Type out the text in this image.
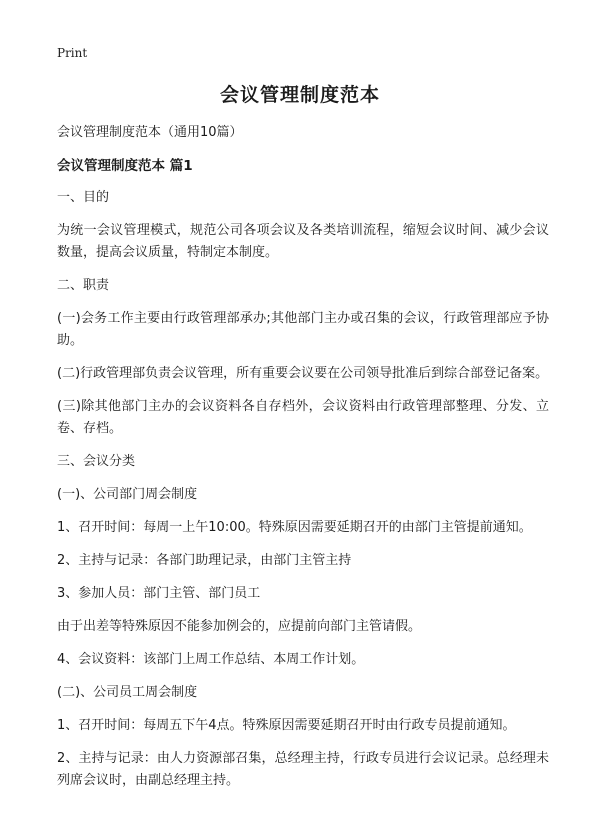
Print
会议管理制度范本

会议管理制度范本（通用10篇）

会议管理制度范本 篇1

一、目的

为统一会议管理模式，规范公司各项会议及各类培训流程，缩短会议时间、减少会议数量，提高会议质量，特制定本制度。

二、职责

(一)会务工作主要由行政管理部承办;其他部门主办或召集的会议，行政管理部应予协助。

(二)行政管理部负责会议管理，所有重要会议要在公司领导批准后到综合部登记备案。

(三)除其他部门主办的会议资料各自存档外，会议资料由行政管理部整理、分发、立卷、存档。

三、会议分类

(一)、公司部门周会制度

1、召开时间：每周一上午10:00。特殊原因需要延期召开的由部门主管提前通知。

2、主持与记录：各部门助理记录，由部门主管主持

3、参加人员：部门主管、部门员工

由于出差等特殊原因不能参加例会的，应提前向部门主管请假。

4、会议资料：该部门上周工作总结、本周工作计划。

(二)、公司员工周会制度

1、召开时间：每周五下午4点。特殊原因需要延期召开时由行政专员提前通知。

2、主持与记录：由人力资源部召集，总经理主持，行政专员进行会议记录。总经理未列席会议时，由副总经理主持。
